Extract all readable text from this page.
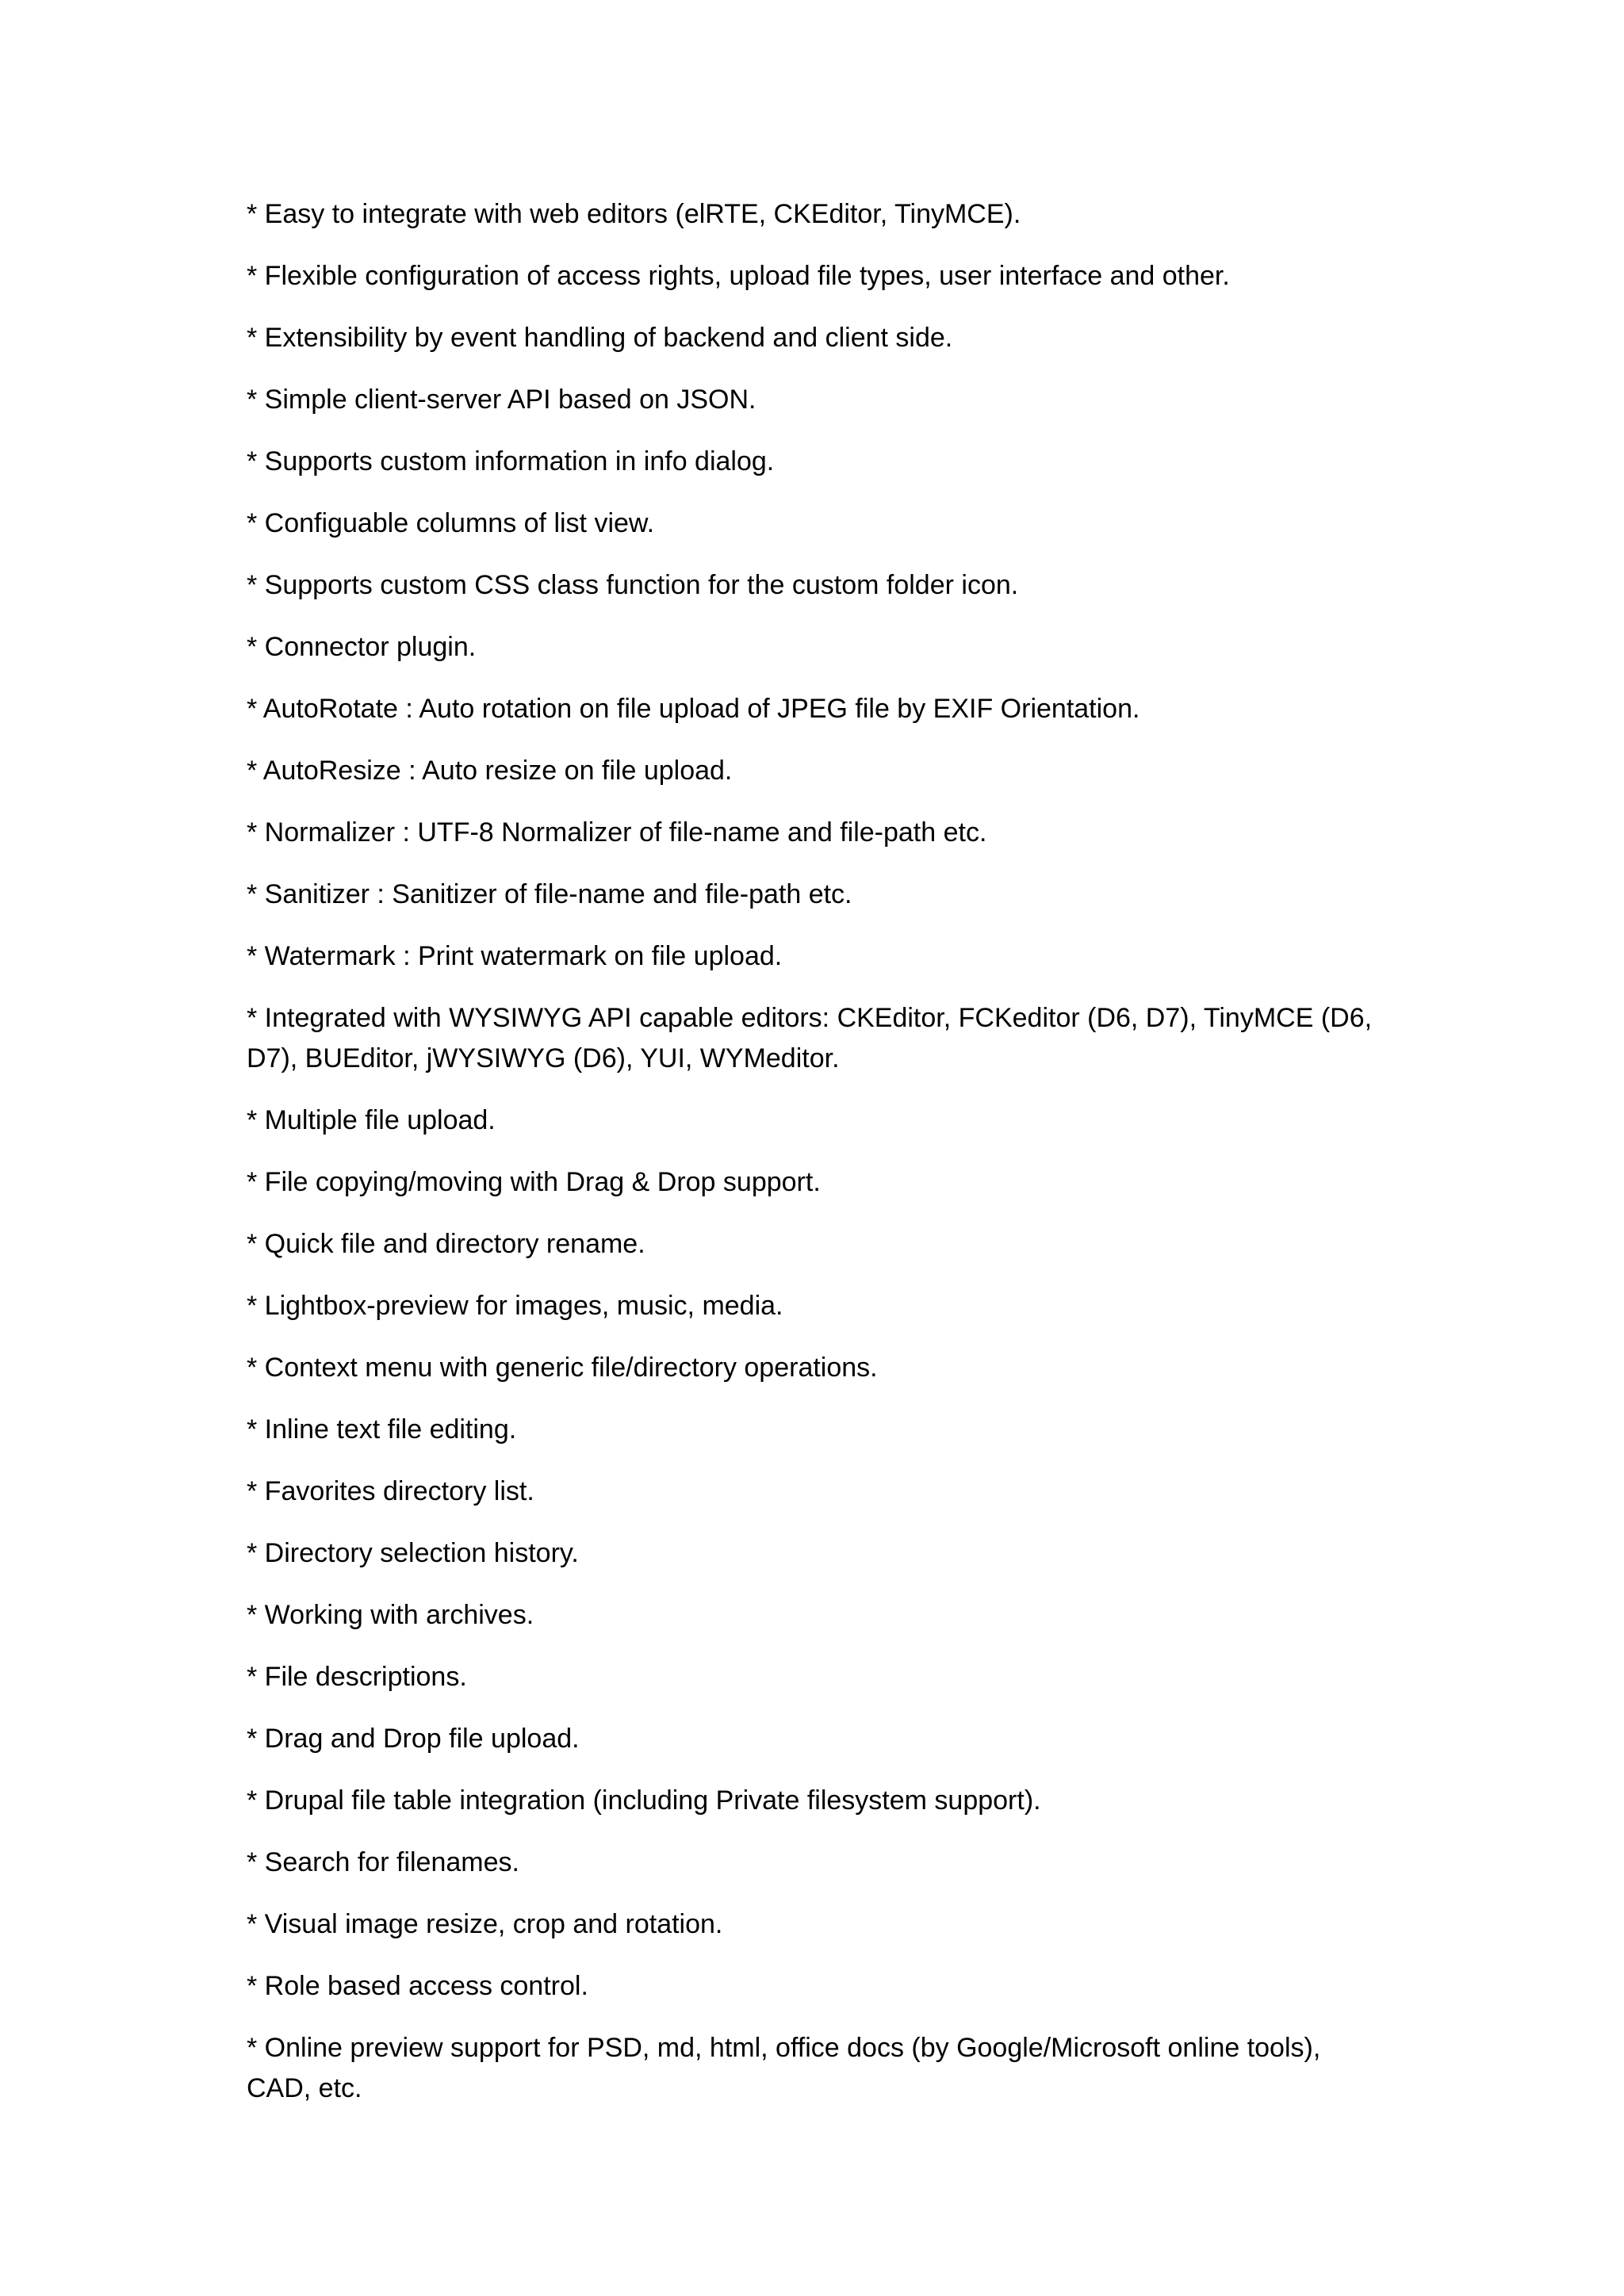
* Easy to integrate with web editors (elRTE, CKEditor, TinyMCE).
* Flexible configuration of access rights, upload file types, user interface and other.
* Extensibility by event handling of backend and client side.
* Simple client-server API based on JSON.
* Supports custom information in info dialog.
* Configuable columns of list view.
* Supports custom CSS class function for the custom folder icon.
* Connector plugin.
* AutoRotate : Auto rotation on file upload of JPEG file by EXIF Orientation.
* AutoResize : Auto resize on file upload.
* Normalizer : UTF-8 Normalizer of file-name and file-path etc.
* Sanitizer : Sanitizer of file-name and file-path etc.
* Watermark : Print watermark on file upload.
* Integrated with WYSIWYG API capable editors: CKEditor, FCKeditor (D6, D7), TinyMCE (D6, D7), BUEditor, jWYSIWYG (D6), YUI, WYMeditor.
* Multiple file upload.
* File copying/moving with Drag & Drop support.
* Quick file and directory rename.
* Lightbox-preview for images, music, media.
* Context menu with generic file/directory operations.
* Inline text file editing.
* Favorites directory list.
* Directory selection history.
* Working with archives.
* File descriptions.
* Drag and Drop file upload.
* Drupal file table integration (including Private filesystem support).
* Search for filenames.
* Visual image resize, crop and rotation.
* Role based access control.
* Online preview support for PSD, md, html, office docs (by Google/Microsoft online tools), CAD, etc.
